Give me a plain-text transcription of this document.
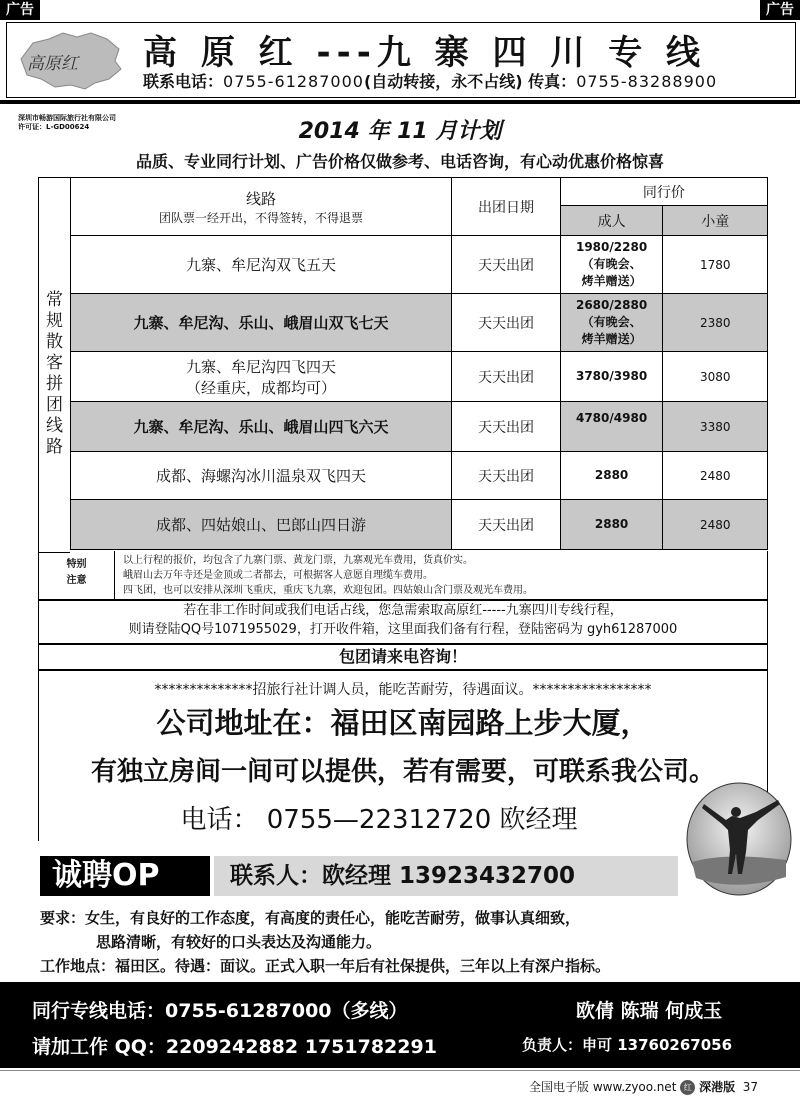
广告	广告
高原红 高 原 红 ---九 寨 四 川 专 线
联系电话：0755-61287000(自动转接，永不占线) 传真：0755-83288900
深圳市畅游国际旅行社有限公司
许可证：L-GD00624	2014 年 11 月计划
品质、专业同行计划、广告价格仅做参考、电话咨询，有心动优惠价格惊喜

	线路
团队票一经开出，不得签转，不得退票	出团日期	同行价	
			成人	小童
	九寨、牟尼沟双飞五天	天天出团	1980/2280
（有晚会、
烤羊赠送）	1780
	九寨、牟尼沟、乐山、峨眉山双飞七天	天天出团	2680/2880
（有晚会、
烤羊赠送）	2380

	九寨、牟尼沟四飞四天
（经重庆，成都均可）	天天出团	3780/3980	3080
	九寨、牟尼沟、乐山、峨眉山四飞六天	天天出团	4780/4980	3380
	成都、海螺沟冰川温泉双飞四天	天天出团	2880	2480
	成都、四姑娘山、巴郎山四日游	天天出团	2880	2480
常
规
散
客
拼
团
线
路
特别
注意
以上行程的报价，均包含了九寨门票、黄龙门票，九寨观光车费用，货真价实。
峨眉山去万年寺还是金顶或二者都去，可根据客人意愿自理缆车费用。
四飞团，也可以安排从深圳飞重庆，重庆飞九寨，欢迎包团。四姑娘山含门票及观光车费用。
若在非工作时间或我们电话占线，您急需索取高原红-----九寨四川专线行程，
则请登陆QQ号1071955029，打开收件箱，这里面我们备有行程，登陆密码为 gyh61287000
包团请来电咨询！
**************招旅行社计调人员，能吃苦耐劳，待遇面议。*****************
公司地址在：福田区南园路上步大厦，
有独立房间一间可以提供，若有需要，可联系我公司。
电话： 0755—22312720 欧经理
诚聘OP	联系人：欧经理 13923432700
要求：女生，有良好的工作态度，有高度的责任心，能吃苦耐劳，做事认真细致，
思路清晰，有较好的口头表达及沟通能力。
工作地点：福田区。待遇：面议。正式入职一年后有社保提供，三年以上有深户指标。
同行专线电话：0755-61287000（多线）
请加工作 QQ：2209242882 1751782291
欧倩 陈瑞 何成玉
负责人：申可 13760267056
全国电子版 www.zyoo.net 红 深港版 37
